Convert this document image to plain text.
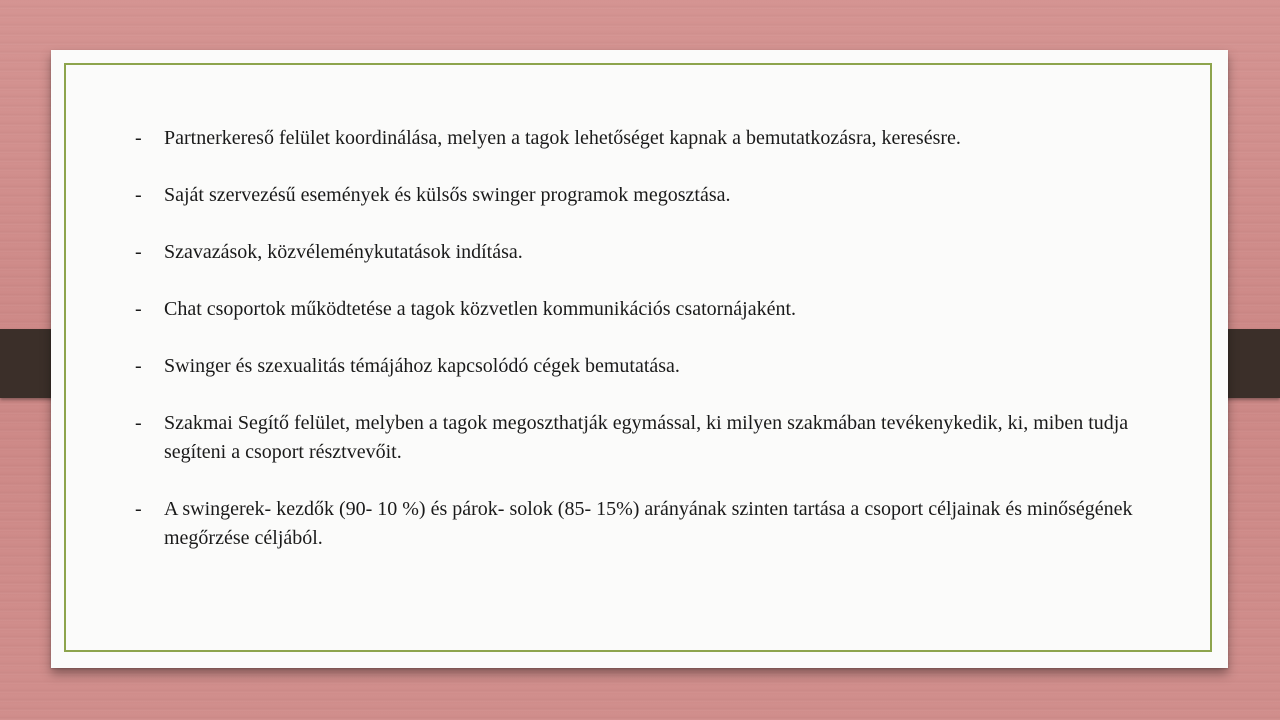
- Partnerkereső felület koordinálása, melyen a tagok lehetőséget kapnak a bemutatkozásra, keresésre.
- Saját szervezésű események és külsős swinger programok megosztása.
- Szavazások, közvéleménykutatások indítása.
- Chat csoportok működtetése a tagok közvetlen kommunikációs csatornájaként.
- Swinger és szexualitás témájához kapcsolódó cégek bemutatása.
- Szakmai Segítő felület, melyben a tagok megoszthatják egymással, ki milyen szakmában tevékenykedik, ki, miben tudja segíteni a csoport résztvevőit.
- A swingerek- kezdők (90- 10 %) és párok- solok (85- 15%) arányának szinten tartása a csoport céljainak és minőségének megőrzése céljából.
